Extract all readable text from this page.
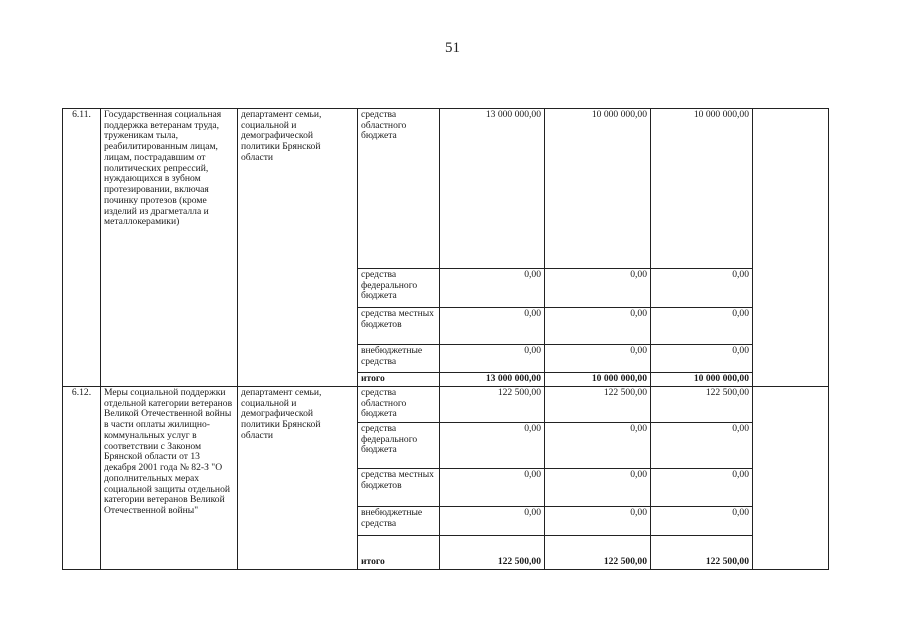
51
6.11.	Государственная социальная поддержка ветеранам труда, труженикам тыла, реабилитированным лицам, лицам, пострадавшим от политических репрессий, нуждающихся в зубном протезировании, включая починку протезов (кроме изделий из драгметалла и металлокерамики)	департамент семьи, социальной и демографической политики Брянской области	средства областного бюджета	13 000 000,00	10 000 000,00	10 000 000,00	
			средства федерального бюджета	0,00	0,00	0,00	
			средства местных бюджетов	0,00	0,00	0,00	
			внебюджетные средства	0,00	0,00	0,00	
			итого	13 000 000,00	10 000 000,00	10 000 000,00	
6.12.	Меры социальной поддержки отдельной категории ветеранов Великой Отечественной войны в части оплаты жилищно-коммунальных услуг в соответствии с Законом Брянской области от 13 декабря 2001 года № 82-З "О дополнительных мерах социальной защиты отдельной категории ветеранов Великой Отечественной войны"	департамент семьи, социальной и демографической политики Брянской области	средства областного бюджета	122 500,00	122 500,00	122 500,00	
			средства федерального бюджета	0,00	0,00	0,00	
			средства местных бюджетов	0,00	0,00	0,00	
			внебюджетные средства	0,00	0,00	0,00	
			итого	122 500,00	122 500,00	122 500,00	
